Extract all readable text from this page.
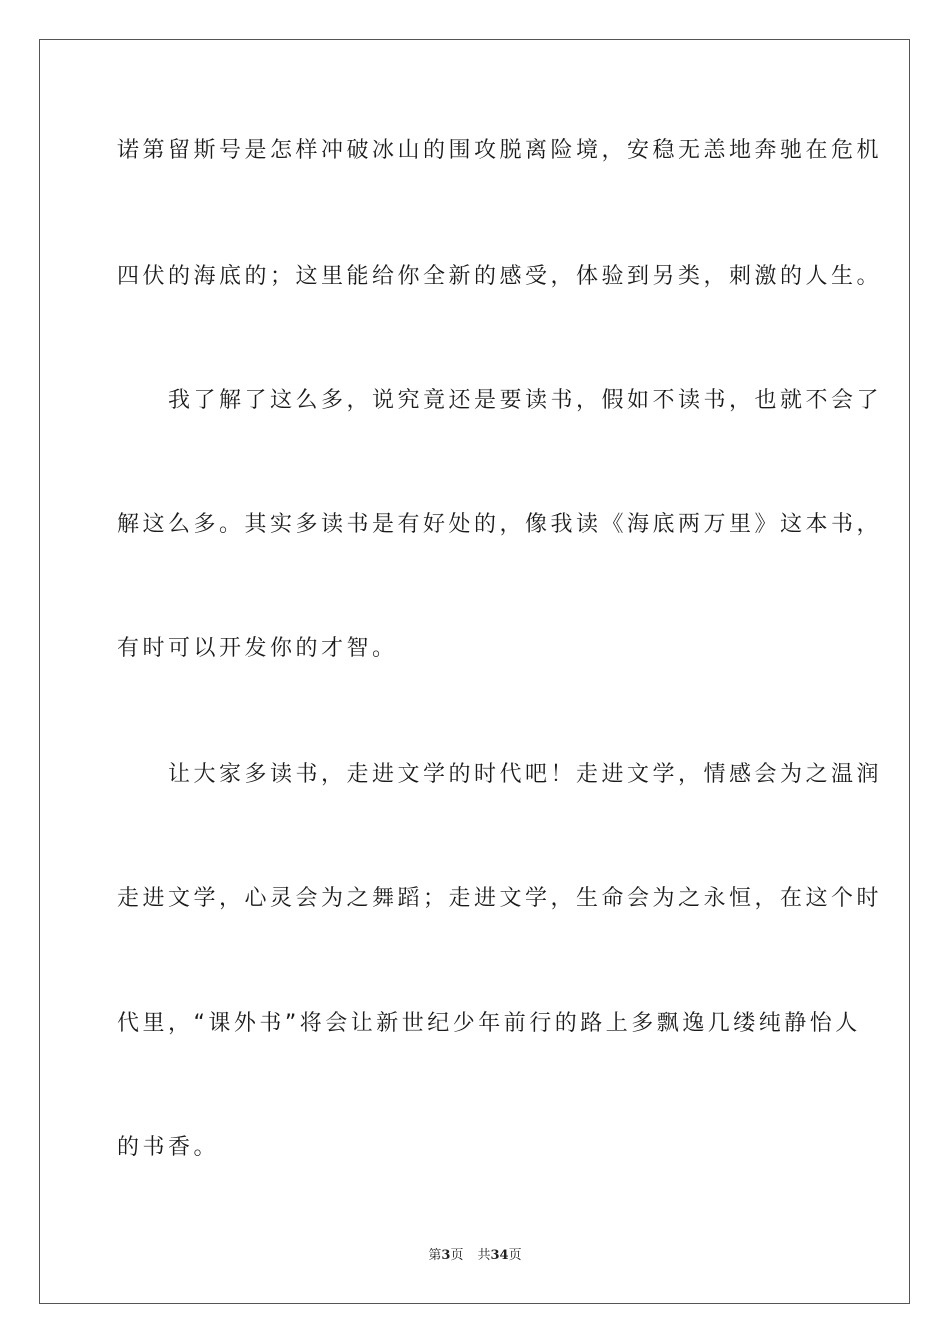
诺第留斯号是怎样冲破冰山的围攻脱离险境，安稳无恙地奔驰在危机
四伏的海底的；这里能给你全新的感受，体验到另类，刺激的人生。
　　我了解了这么多，说究竟还是要读书，假如不读书，也就不会了
解这么多。其实多读书是有好处的，像我读《海底两万里》这本书，
有时可以开发你的才智。
　　让大家多读书，走进文学的时代吧！走进文学，情感会为之温润
走进文学，心灵会为之舞蹈；走进文学，生命会为之永恒，在这个时
代里，“课外书”将会让新世纪少年前行的路上多飘逸几缕纯静怡人
的书香。
第3页 共34页
